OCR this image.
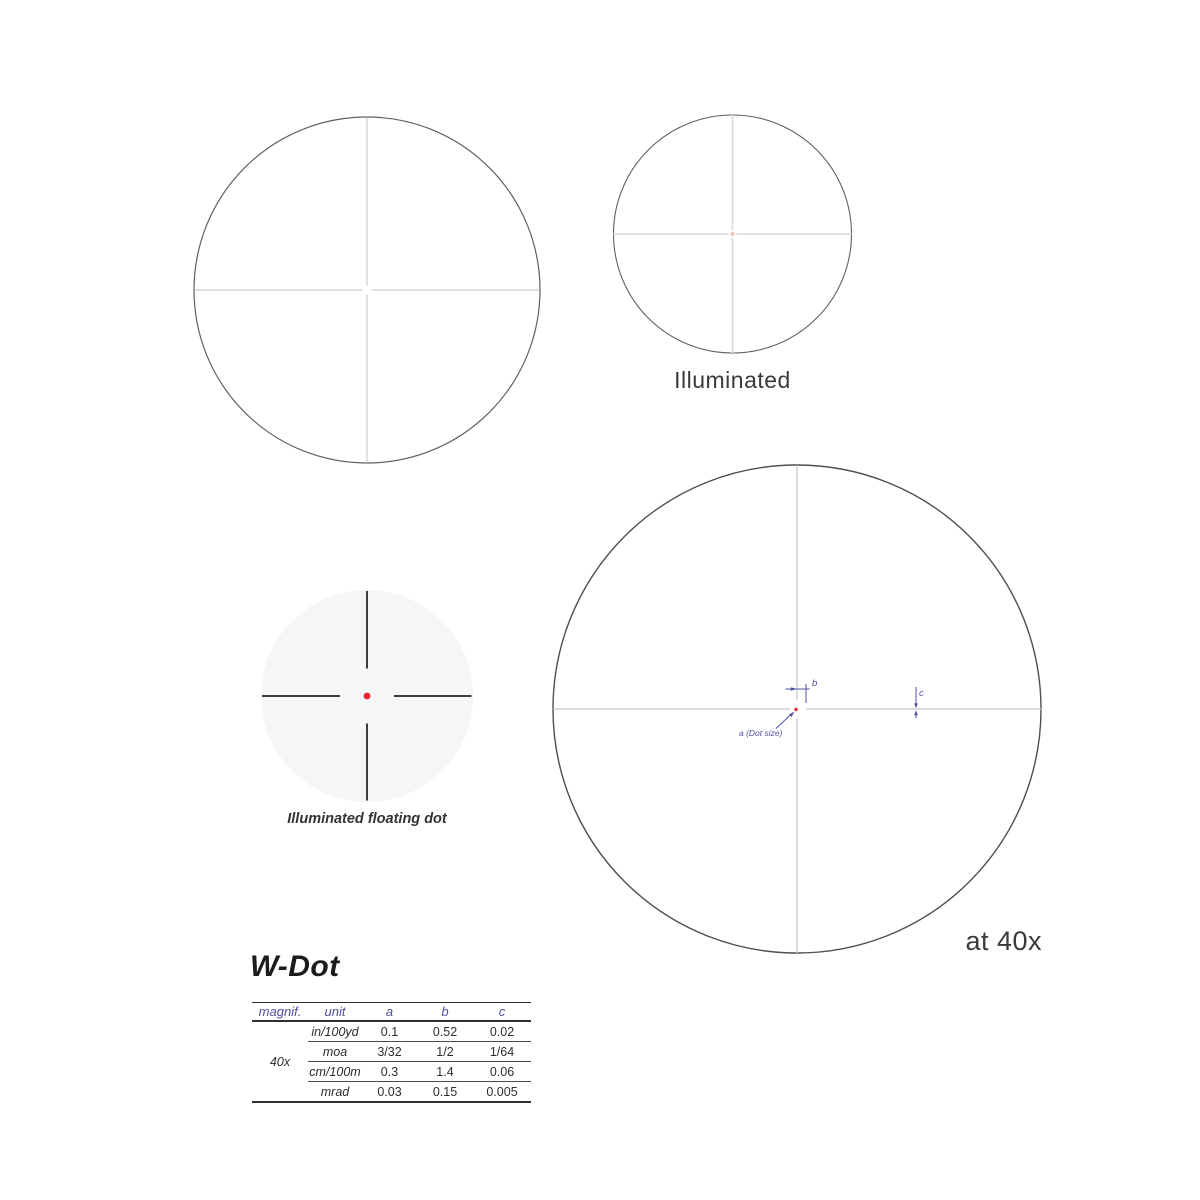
b
c
a (Dot size)
Illuminated
Illuminated floating dot
at 40x
W-Dot
magnif.	unit	a	b	c
40x	in/100yd	0.1	0.52	0.02
	moa	3/32	1/2	1/64
	cm/100m	0.3	1.4	0.06
	mrad	0.03	0.15	0.005
